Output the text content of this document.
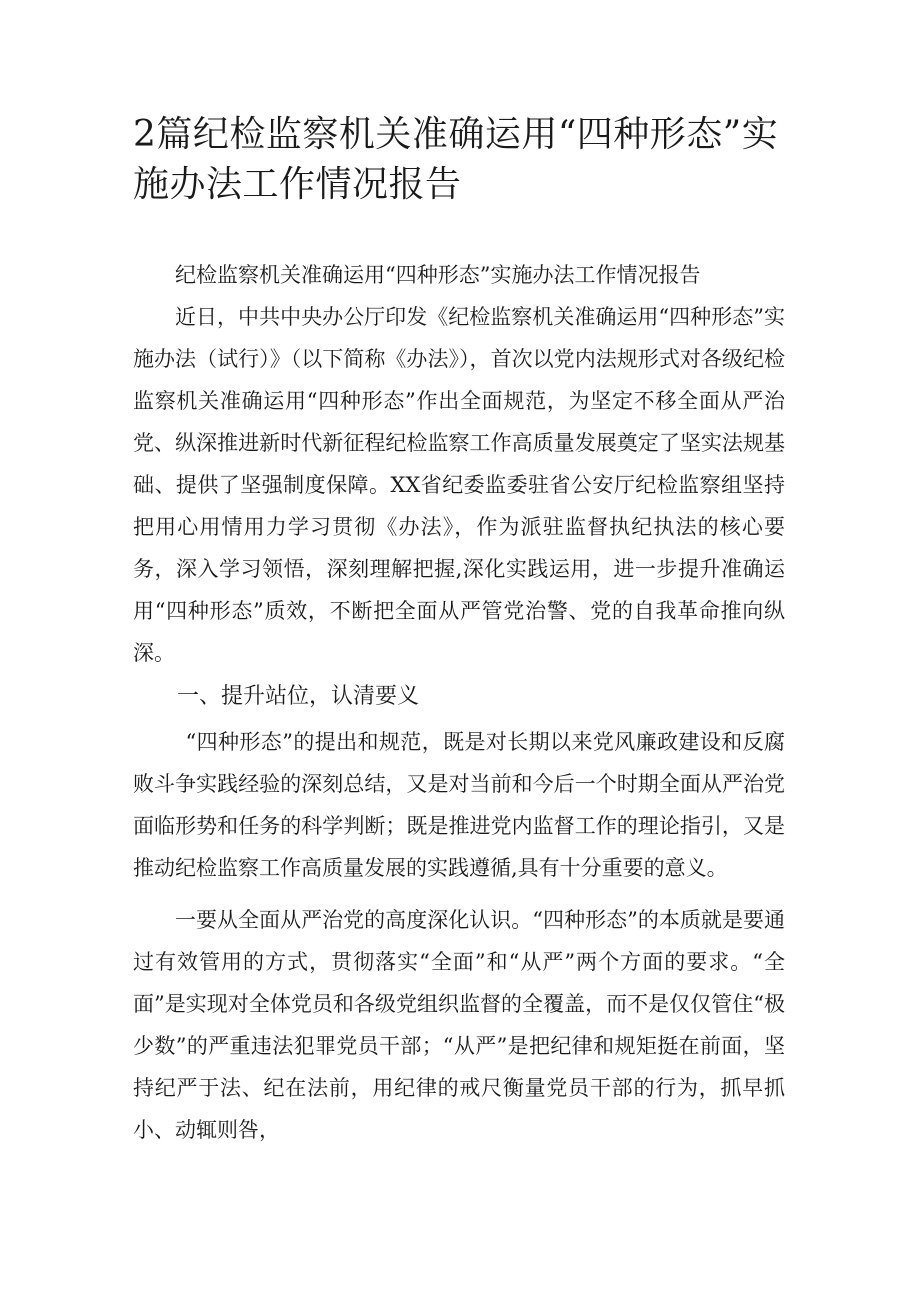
2篇纪检监察机关准确运用“四种形态”实施办法工作情况报告

纪检监察机关准确运用“四种形态”实施办法工作情况报告

近日，中共中央办公厅印发《纪检监察机关准确运用“四种形态”实施办法（试行）》（以下简称《办法》），首次以党内法规形式对各级纪检监察机关准确运用“四种形态”作出全面规范，为坚定不移全面从严治党、纵深推进新时代新征程纪检监察工作高质量发展奠定了坚实法规基础、提供了坚强制度保障。XX省纪委监委驻省公安厅纪检监察组坚持把用心用情用力学习贯彻《办法》，作为派驻监督执纪执法的核心要务，深入学习领悟，深刻理解把握,深化实践运用，进一步提升准确运用“四种形态”质效，不断把全面从严管党治警、党的自我革命推向纵深。

一、提升站位，认清要义

“四种形态”的提出和规范，既是对长期以来党风廉政建设和反腐败斗争实践经验的深刻总结，又是对当前和今后一个时期全面从严治党面临形势和任务的科学判断；既是推进党内监督工作的理论指引，又是推动纪检监察工作高质量发展的实践遵循,具有十分重要的意义。

一要从全面从严治党的高度深化认识。“四种形态”的本质就是要通过有效管用的方式，贯彻落实“全面”和“从严”两个方面的要求。“全面”是实现对全体党员和各级党组织监督的全覆盖，而不是仅仅管住“极少数”的严重违法犯罪党员干部；“从严”是把纪律和规矩挺在前面，坚持纪严于法、纪在法前，用纪律的戒尺衡量党员干部的行为，抓早抓小、动辄则咎，
